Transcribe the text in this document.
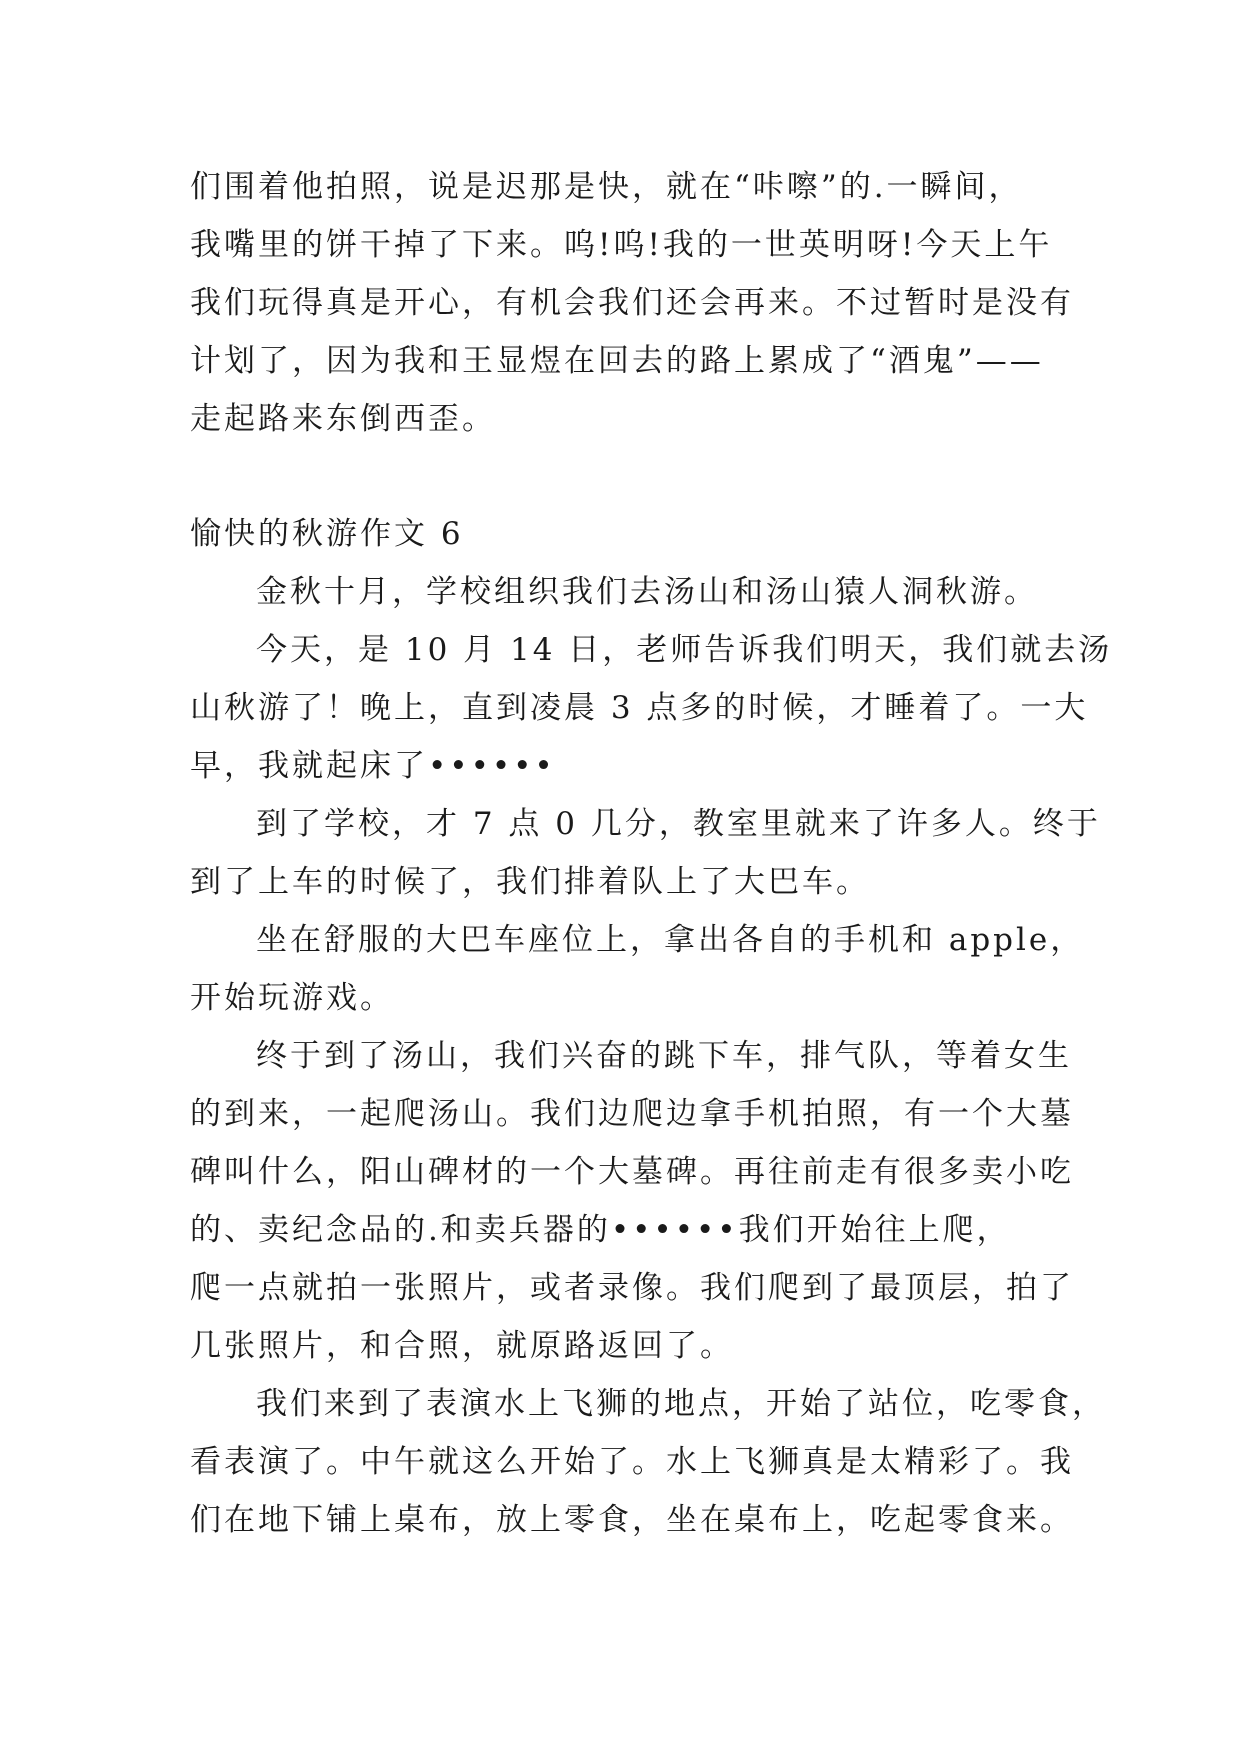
们围着他拍照，说是迟那是快，就在“咔嚓”的.一瞬间，
我嘴里的饼干掉了下来。呜!呜!我的一世英明呀!今天上午
我们玩得真是开心，有机会我们还会再来。不过暂时是没有
计划了，因为我和王显煜在回去的路上累成了“酒鬼”——
走起路来东倒西歪。
愉快的秋游作文 6
金秋十月，学校组织我们去汤山和汤山猿人洞秋游。
今天，是 10 月 14 日，老师告诉我们明天，我们就去汤
山秋游了！晚上，直到凌晨 3 点多的时候，才睡着了。一大
早，我就起床了••••••
到了学校，才 7 点 0 几分，教室里就来了许多人。终于
到了上车的时候了，我们排着队上了大巴车。
坐在舒服的大巴车座位上，拿出各自的手机和 apple，
开始玩游戏。
终于到了汤山，我们兴奋的跳下车，排气队，等着女生
的到来，一起爬汤山。我们边爬边拿手机拍照，有一个大墓
碑叫什么，阳山碑材的一个大墓碑。再往前走有很多卖小吃
的、卖纪念品的.和卖兵器的••••••我们开始往上爬，
爬一点就拍一张照片，或者录像。我们爬到了最顶层，拍了
几张照片，和合照，就原路返回了。
我们来到了表演水上飞狮的地点，开始了站位，吃零食，
看表演了。中午就这么开始了。水上飞狮真是太精彩了。我
们在地下铺上桌布，放上零食，坐在桌布上，吃起零食来。
